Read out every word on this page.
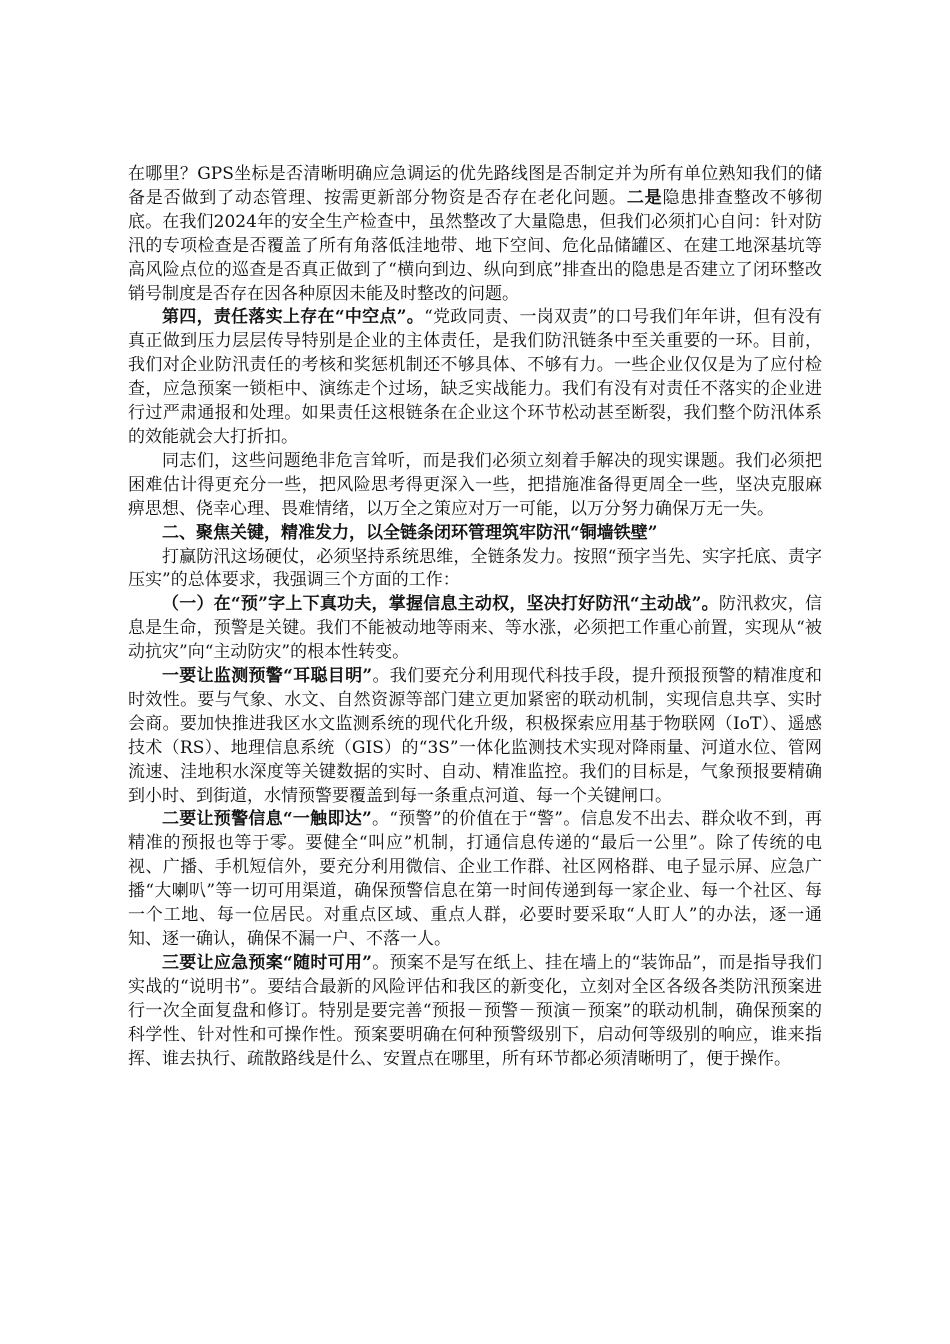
在哪里？GPS坐标是否清晰明确应急调运的优先路线图是否制定并为所有单位熟知我们的储备是否做到了动态管理、按需更新部分物资是否存在老化问题。二是隐患排查整改不够彻底。在我们2024年的安全生产检查中，虽然整改了大量隐患，但我们必须扪心自问：针对防汛的专项检查是否覆盖了所有角落低洼地带、地下空间、危化品储罐区、在建工地深基坑等高风险点位的巡查是否真正做到了“横向到边、纵向到底”排查出的隐患是否建立了闭环整改销号制度是否存在因各种原因未能及时整改的问题。

第四，责任落实上存在“中空点”。“党政同责、一岗双责”的口号我们年年讲，但有没有真正做到压力层层传导特别是企业的主体责任，是我们防汛链条中至关重要的一环。目前，我们对企业防汛责任的考核和奖惩机制还不够具体、不够有力。一些企业仅仅是为了应付检查，应急预案一锁柜中、演练走个过场，缺乏实战能力。我们有没有对责任不落实的企业进行过严肃通报和处理。如果责任这根链条在企业这个环节松动甚至断裂，我们整个防汛体系的效能就会大打折扣。

同志们，这些问题绝非危言耸听，而是我们必须立刻着手解决的现实课题。我们必须把困难估计得更充分一些，把风险思考得更深入一些，把措施准备得更周全一些，坚决克服麻痹思想、侥幸心理、畏难情绪，以万全之策应对万一可能，以万分努力确保万无一失。

二、聚焦关键，精准发力，以全链条闭环管理筑牢防汛“铜墙铁壁”

打赢防汛这场硬仗，必须坚持系统思维，全链条发力。按照“预字当先、实字托底、责字压实”的总体要求，我强调三个方面的工作：

（一）在“预”字上下真功夫，掌握信息主动权，坚决打好防汛“主动战”。防汛救灾，信息是生命，预警是关键。我们不能被动地等雨来、等水涨，必须把工作重心前置，实现从“被动抗灾”向“主动防灾”的根本性转变。

一要让监测预警“耳聪目明”。我们要充分利用现代科技手段，提升预报预警的精准度和时效性。要与气象、水文、自然资源等部门建立更加紧密的联动机制，实现信息共享、实时会商。要加快推进我区水文监测系统的现代化升级，积极探索应用基于物联网（IoT）、遥感技术（RS）、地理信息系统（GIS）的“3S”一体化监测技术实现对降雨量、河道水位、管网流速、洼地积水深度等关键数据的实时、自动、精准监控。我们的目标是，气象预报要精确到小时、到街道，水情预警要覆盖到每一条重点河道、每一个关键闸口。

二要让预警信息“一触即达”。“预警”的价值在于“警”。信息发不出去、群众收不到，再精准的预报也等于零。要健全“叫应”机制，打通信息传递的“最后一公里”。除了传统的电视、广播、手机短信外，要充分利用微信、企业工作群、社区网格群、电子显示屏、应急广播“大喇叭”等一切可用渠道，确保预警信息在第一时间传递到每一家企业、每一个社区、每一个工地、每一位居民。对重点区域、重点人群，必要时要采取“人盯人”的办法，逐一通知、逐一确认，确保不漏一户、不落一人。

三要让应急预案“随时可用”。预案不是写在纸上、挂在墙上的“装饰品”，而是指导我们实战的“说明书”。要结合最新的风险评估和我区的新变化，立刻对全区各级各类防汛预案进行一次全面复盘和修订。特别是要完善“预报－预警－预演－预案”的联动机制，确保预案的科学性、针对性和可操作性。预案要明确在何种预警级别下，启动何等级别的响应，谁来指挥、谁去执行、疏散路线是什么、安置点在哪里，所有环节都必须清晰明了，便于操作。
